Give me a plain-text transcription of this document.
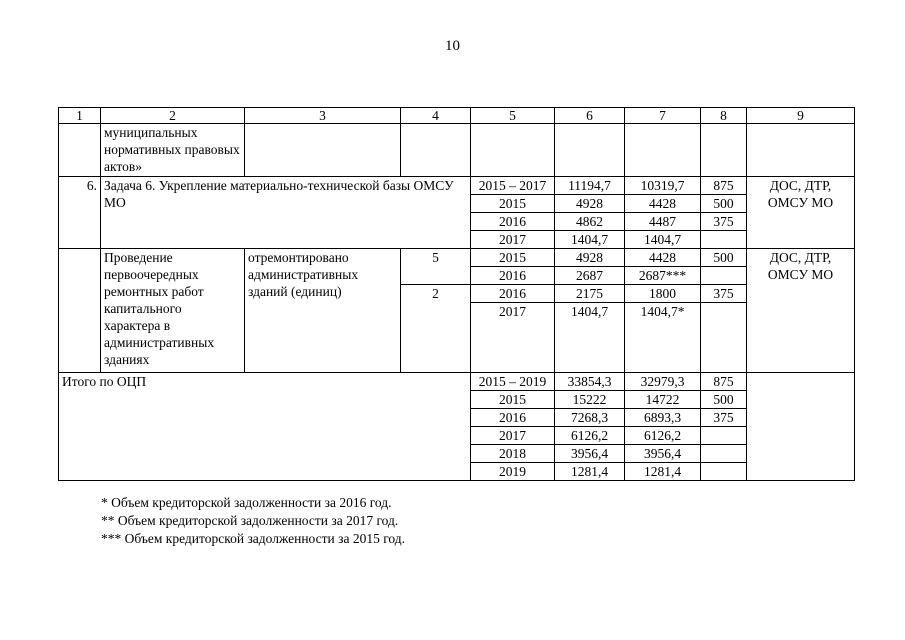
10
1	2	3	4	5	6	7	8	9
	муниципальных нормативных правовых актов»							
6.	Задача 6. Укрепление материально-технической базы ОМСУ МО			2015 – 2017	11194,7	10319,7	875	ДОС, ДТР, ОМСУ МО
				2015	4928	4428	500	
				2016	4862	4487	375	
				2017	1404,7	1404,7		
	Проведение первоочередных ремонтных работ капитального характера в административных зданиях	отремонтировано административных зданий (единиц)	5	2015	4928	4428	500	ДОС, ДТР, ОМСУ МО
				2016	2687	2687***		
			2	2016	2175	1800	375	
				2017	1404,7	1404,7*		
Итого по ОЦП				2015 – 2019	33854,3	32979,3	875	
				2015	15222	14722	500	
				2016	7268,3	6893,3	375	
				2017	6126,2	6126,2		
				2018	3956,4	3956,4		
				2019	1281,4	1281,4		
* Объем кредиторской задолженности за 2016 год.
** Объем кредиторской задолженности за 2017 год.
*** Объем кредиторской задолженности за 2015 год.
